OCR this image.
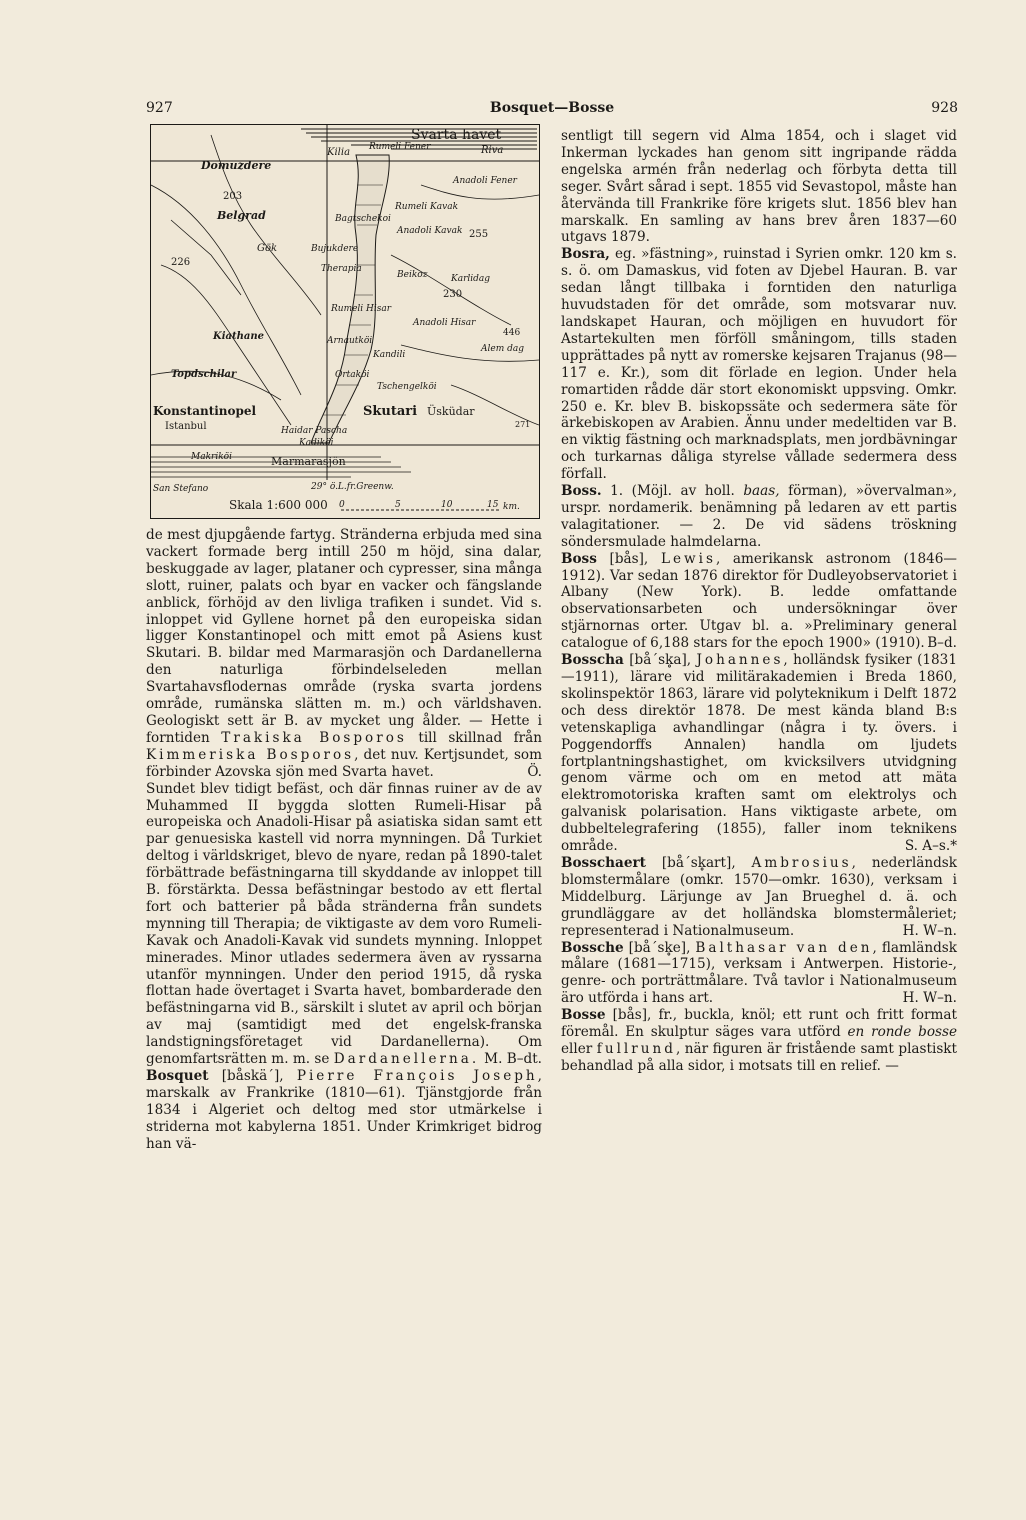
927	Bosquet—Bosse	928
Svarta havet
Domuzdere
Kilia Rumeli Fener	Riva
Anadoli Fener
203
Belgrad
Rumeli Kavak
Bagtschekoi
Anadoli Kavak 255
226
Gök	Bujukdere
Therapia
Beikoz	Karlidag
230
Rumeli Hisar
Anadoli Hisar
Kiathane	446
Alem dag
Arnautköi
Kandili
Topdschilar	Ortaköi
Tschengelköi
Konstantinopel
Istanbul
Skutari Üsküdar
Haidar Pascha
Kadiköi
Makriköi	Marmarasjön
271
29° ö.L.fr.Greenw.
San Stefano
Skala 1:600 000 0	5	10	15 km.

de mest djupgående fartyg. Stränderna erbjuda med sina vackert formade berg intill 250 m höjd, sina dalar, beskuggade av lager, plataner och cypresser, sina många slott, ruiner, palats och byar en vacker och fängslande anblick, förhöjd av den livliga trafiken i sundet. Vid s. inloppet vid Gyllene hornet på den europeiska sidan ligger Konstantinopel och mitt emot på Asiens kust Skutari. B. bildar med Marmarasjön och Dardanellerna den naturliga förbindelseleden mellan Svartahavsflodernas område (ryska svarta jordens område, rumänska slätten m. m.) och världshaven. Geologiskt sett är B. av mycket ung ålder. — Hette i forntiden Trakiska Bosporos till skillnad från Kimmeriska Bosporos, det nuv. Kertjsundet, som förbinder Azovska sjön med Svarta havet.	Ö.

Sundet blev tidigt befäst, och där finnas ruiner av de av Muhammed II byggda slotten Rumeli-Hisar på europeiska och Anadoli-Hisar på asiatiska sidan samt ett par genuesiska kastell vid norra mynningen. Då Turkiet deltog i världskriget, blevo de nyare, redan på 1890-talet förbättrade befästningarna till skyddande av inloppet till B. förstärkta. Dessa befästningar bestodo av ett flertal fort och batterier på båda stränderna från sundets mynning till Therapia; de viktigaste av dem voro Rumeli-Kavak och Anadoli-Kavak vid sundets mynning. Inloppet minerades. Minor utlades sedermera även av ryssarna utanför mynningen. Under den period 1915, då ryska flottan hade övertaget i Svarta havet, bombarderade den befästningarna vid B., särskilt i slutet av april och början av maj (samtidigt med det engelsk-franska landstigningsföretaget vid Dardanellerna). Om genomfartsrätten m. m. se Dardanellerna. M. B–dt.

Bosquet [båskä´], Pierre François Joseph, marskalk av Frankrike (1810—61). Tjänstgjorde från 1834 i Algeriet och deltog med stor utmärkelse i striderna mot kabylerna 1851. Under Krimkriget bidrog han vä-

sentligt till segern vid Alma 1854, och i slaget vid Inkerman lyckades han genom sitt ingripande rädda engelska armén från nederlag och förbyta detta till seger. Svårt sårad i sept. 1855 vid Sevastopol, måste han återvända till Frankrike före krigets slut. 1856 blev han marskalk. En samling av hans brev åren 1837—60 utgavs 1879.

Bosra, eg. »fästning», ruinstad i Syrien omkr. 120 km s. s. ö. om Damaskus, vid foten av Djebel Hauran. B. var sedan långt tillbaka i forntiden den naturliga huvudstaden för det område, som motsvarar nuv. landskapet Hauran, och möjligen en huvudort för Astartekulten men förföll småningom, tills staden upprättades på nytt av romerske kejsaren Trajanus (98—117 e. Kr.), som dit förlade en legion. Under hela romartiden rådde där stort ekonomiskt uppsving. Omkr. 250 e. Kr. blev B. biskopssäte och sedermera säte för ärkebiskopen av Arabien. Ännu under medeltiden var B. en viktig fästning och marknadsplats, men jordbävningar och turkarnas dåliga styrelse vållade sedermera dess förfall.

Boss. 1. (Möjl. av holl. baas, förman), »övervalman», urspr. nordamerik. benämning på ledaren av ett partis valagitationer. — 2. De vid sädens tröskning söndersmulade halmdelarna.

Boss [bås], Lewis, amerikansk astronom (1846—1912). Var sedan 1876 direktor för Dudleyobservatoriet i Albany (New York). B. ledde omfattande observationsarbeten och undersökningar över stjärnornas orter. Utgav bl. a. »Preliminary general catalogue of 6,188 stars for the epoch 1900» (1910). B–d.

Bosscha [bå´sk̥a], Johannes, holländsk fysiker (1831—1911), lärare vid militärakademien i Breda 1860, skolinspektör 1863, lärare vid polyteknikum i Delft 1872 och dess direktör 1878. De mest kända bland B:s vetenskapliga avhandlingar (några i ty. övers. i Poggendorffs Annalen) handla om ljudets fortplantningshastighet, om kvicksilvers utvidgning genom värme och om en metod att mäta elektromotoriska kraften samt om elektrolys och galvanisk polarisation. Hans viktigaste arbete, om dubbeltelegrafering (1855), faller inom teknikens område.	S. A–s.*

Bosschaert [bå´sk̥art], Ambrosius, nederländsk blomstermålare (omkr. 1570—omkr. 1630), verksam i Middelburg. Lärjunge av Jan Brueghel d. ä. och grundläggare av det holländska blomstermåleriet; representerad i Nationalmuseum.	H. W–n.

Bossche [bå´sk̥e], Balthasar van den, flamländsk målare (1681—1715), verksam i Antwerpen. Historie-, genre- och porträttmålare. Två tavlor i Nationalmuseum äro utförda i hans art.	H. W–n.

Bosse [bås], fr., buckla, knöl; ett runt och fritt format föremål. En skulptur säges vara utförd en ronde bosse eller fullrund, när figuren är fristående samt plastiskt behandlad på alla sidor, i motsats till en relief. —
